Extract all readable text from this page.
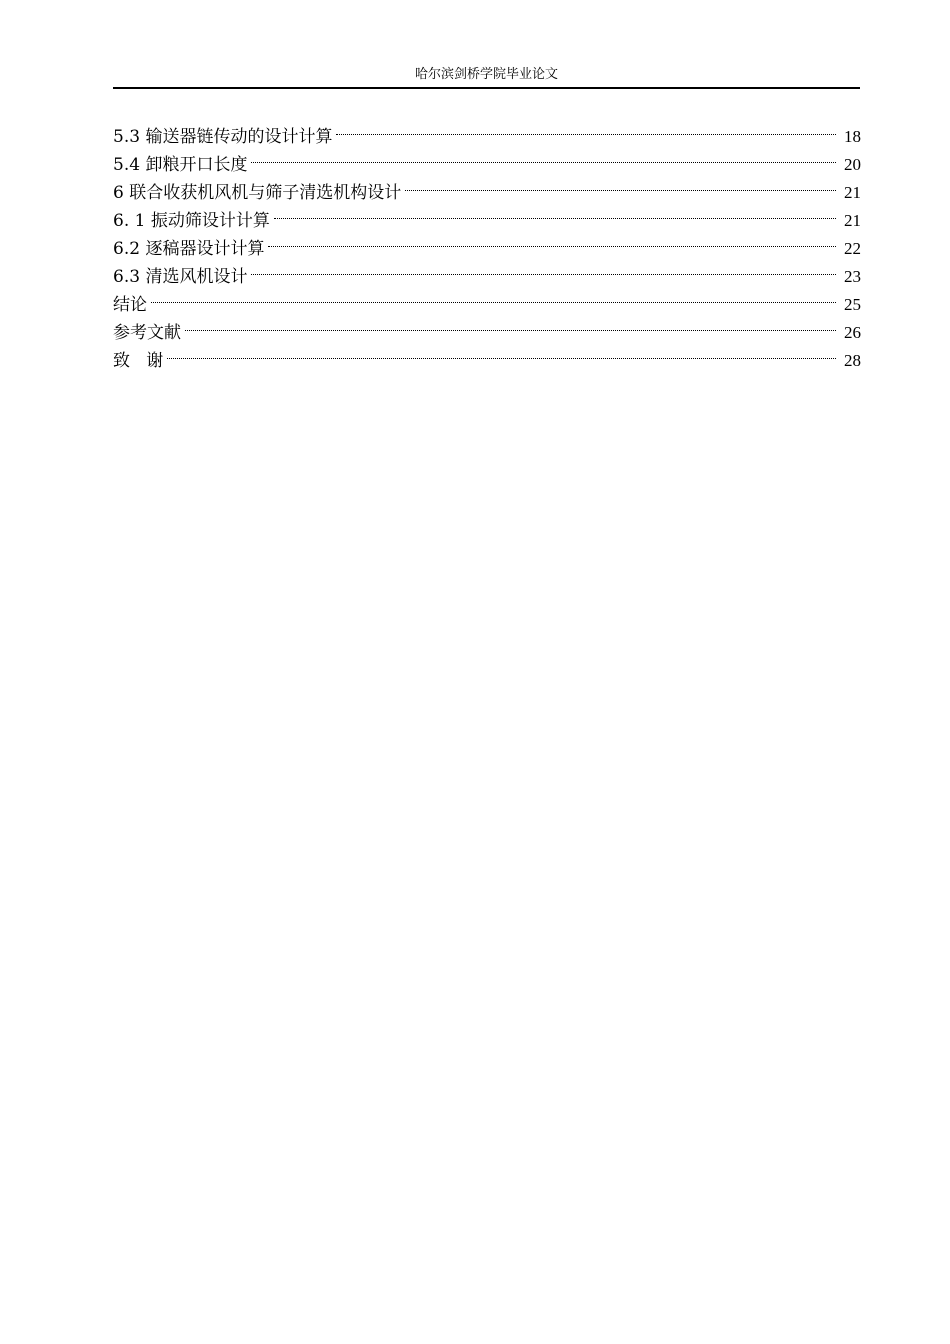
哈尔滨剑桥学院毕业论文
5.3 输送器链传动的设计计算	18
5.4 卸粮开口长度	20
6 联合收获机风机与筛子清选机构设计	21
6. 1 振动筛设计计算	21
6.2 逐稿器设计计算	22
6.3 清选风机设计	23
结论	25
参考文献	26
致   谢	28
